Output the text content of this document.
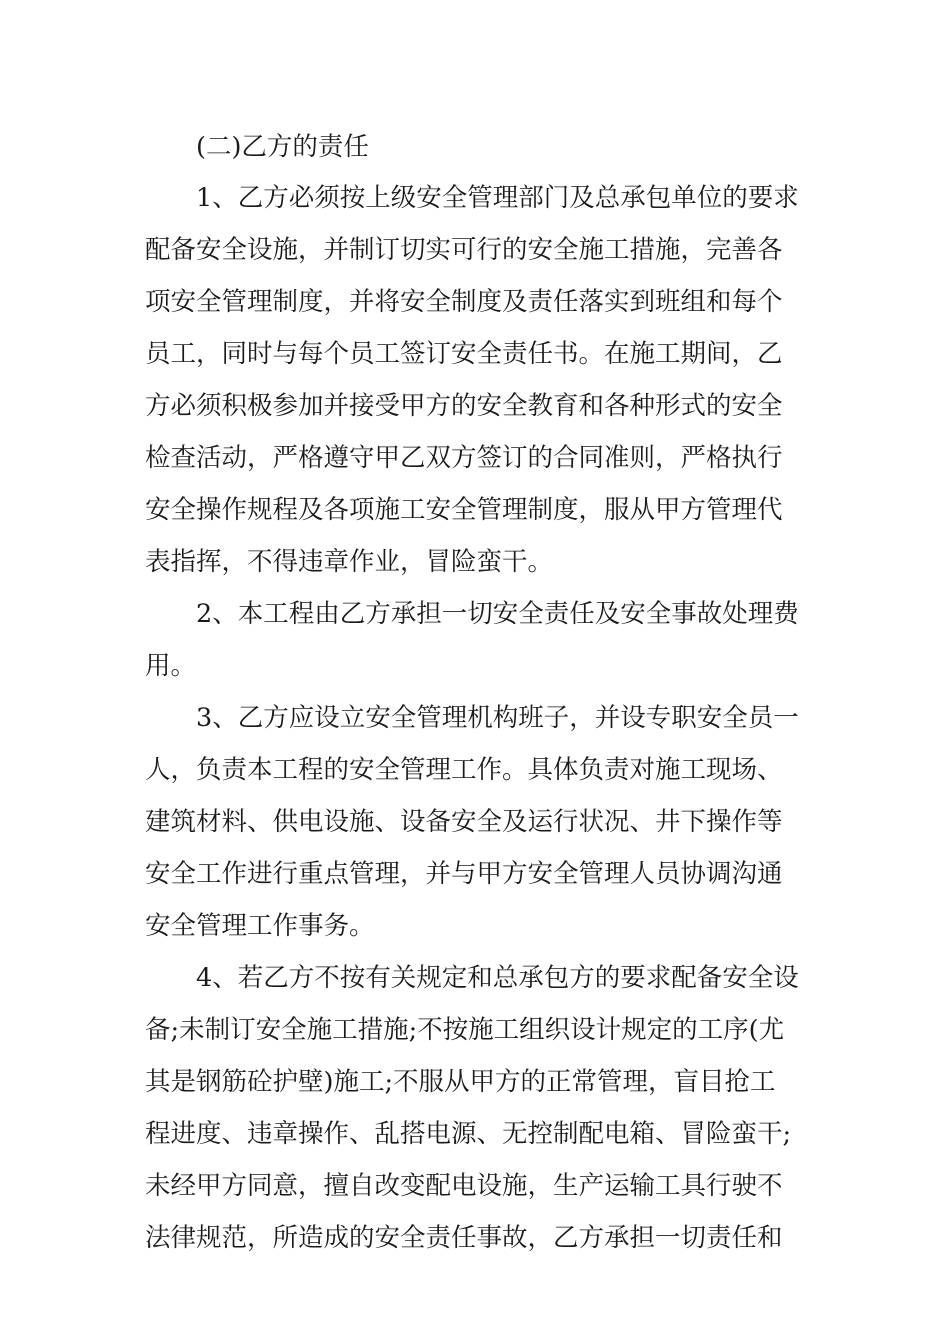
(二)乙方的责任
1、乙方必须按上级安全管理部门及总承包单位的要求
配备安全设施，并制订切实可行的安全施工措施，完善各
项安全管理制度，并将安全制度及责任落实到班组和每个
员工，同时与每个员工签订安全责任书。在施工期间，乙
方必须积极参加并接受甲方的安全教育和各种形式的安全
检查活动，严格遵守甲乙双方签订的合同准则，严格执行
安全操作规程及各项施工安全管理制度，服从甲方管理代
表指挥，不得违章作业，冒险蛮干。
2、本工程由乙方承担一切安全责任及安全事故处理费
用。
3、乙方应设立安全管理机构班子，并设专职安全员一
人，负责本工程的安全管理工作。具体负责对施工现场、
建筑材料、供电设施、设备安全及运行状况、井下操作等
安全工作进行重点管理，并与甲方安全管理人员协调沟通
安全管理工作事务。
4、若乙方不按有关规定和总承包方的要求配备安全设
备;未制订安全施工措施;不按施工组织设计规定的工序(尤
其是钢筋砼护壁)施工;不服从甲方的正常管理，盲目抢工
程进度、违章操作、乱搭电源、无控制配电箱、冒险蛮干;
未经甲方同意，擅自改变配电设施，生产运输工具行驶不
法律规范，所造成的安全责任事故，乙方承担一切责任和
